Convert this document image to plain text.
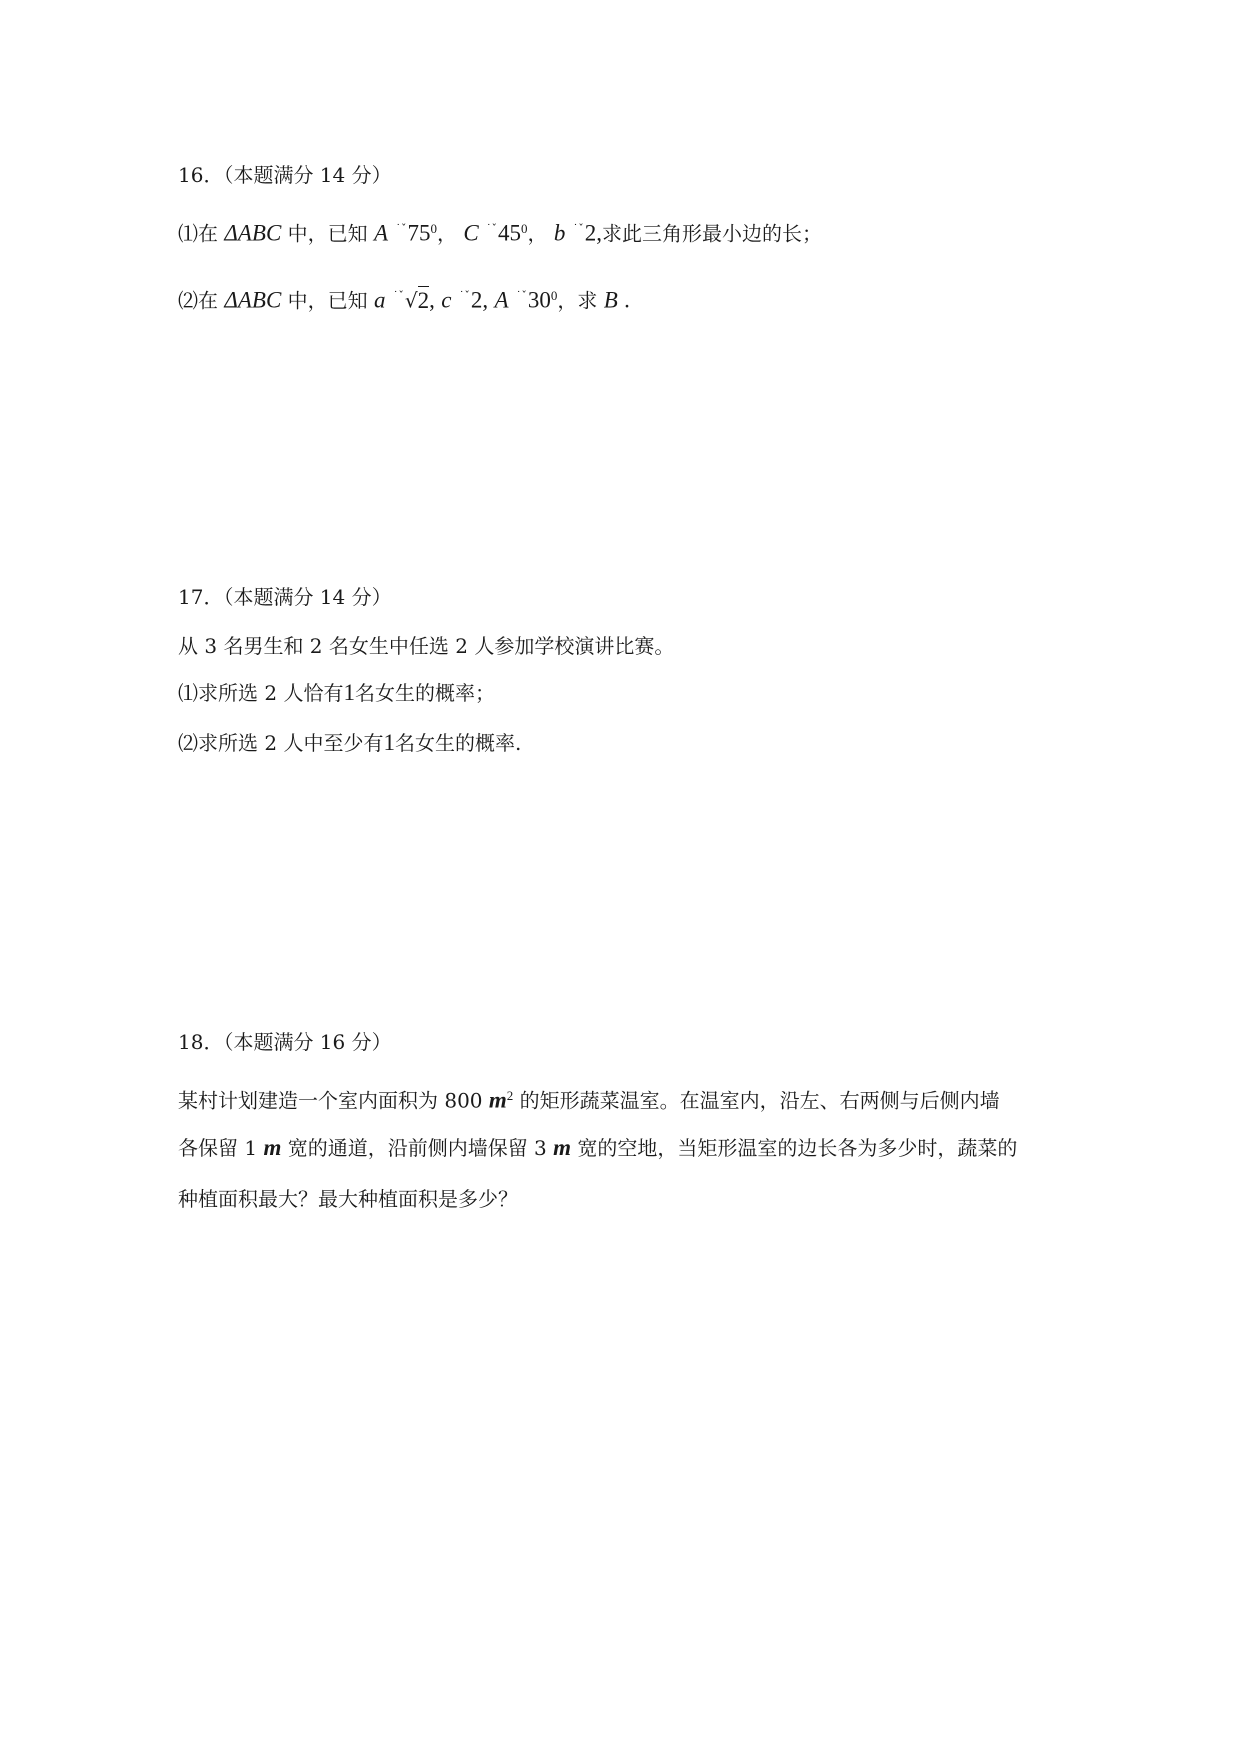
16．（本题满分 14 分）
⑴在 ΔABC 中，已知 A $^{˙ˇ}75^0$， C $^{˙ˇ}45^0$， b $^{˙ˇ}$2,求此三角形最小边的长；
⑵在 ΔABC 中，已知 a $^{˙ˇ}$√2, c $^{˙ˇ}$2, A $^{˙ˇ}30^0$，求 B .
17．（本题满分 14 分）
从 3 名男生和 2 名女生中任选 2 人参加学校演讲比赛。
⑴求所选 2 人恰有1名女生的概率；
⑵求所选 2 人中至少有1名女生的概率.
18．（本题满分 16 分）
某村计划建造一个室内面积为 800 $m^2$ 的矩形蔬菜温室。在温室内，沿左、右两侧与后侧内墙
各保留 1 m 宽的通道，沿前侧内墙保留 3 m 宽的空地，当矩形温室的边长各为多少时，蔬菜的
种植面积最大？最大种植面积是多少？
